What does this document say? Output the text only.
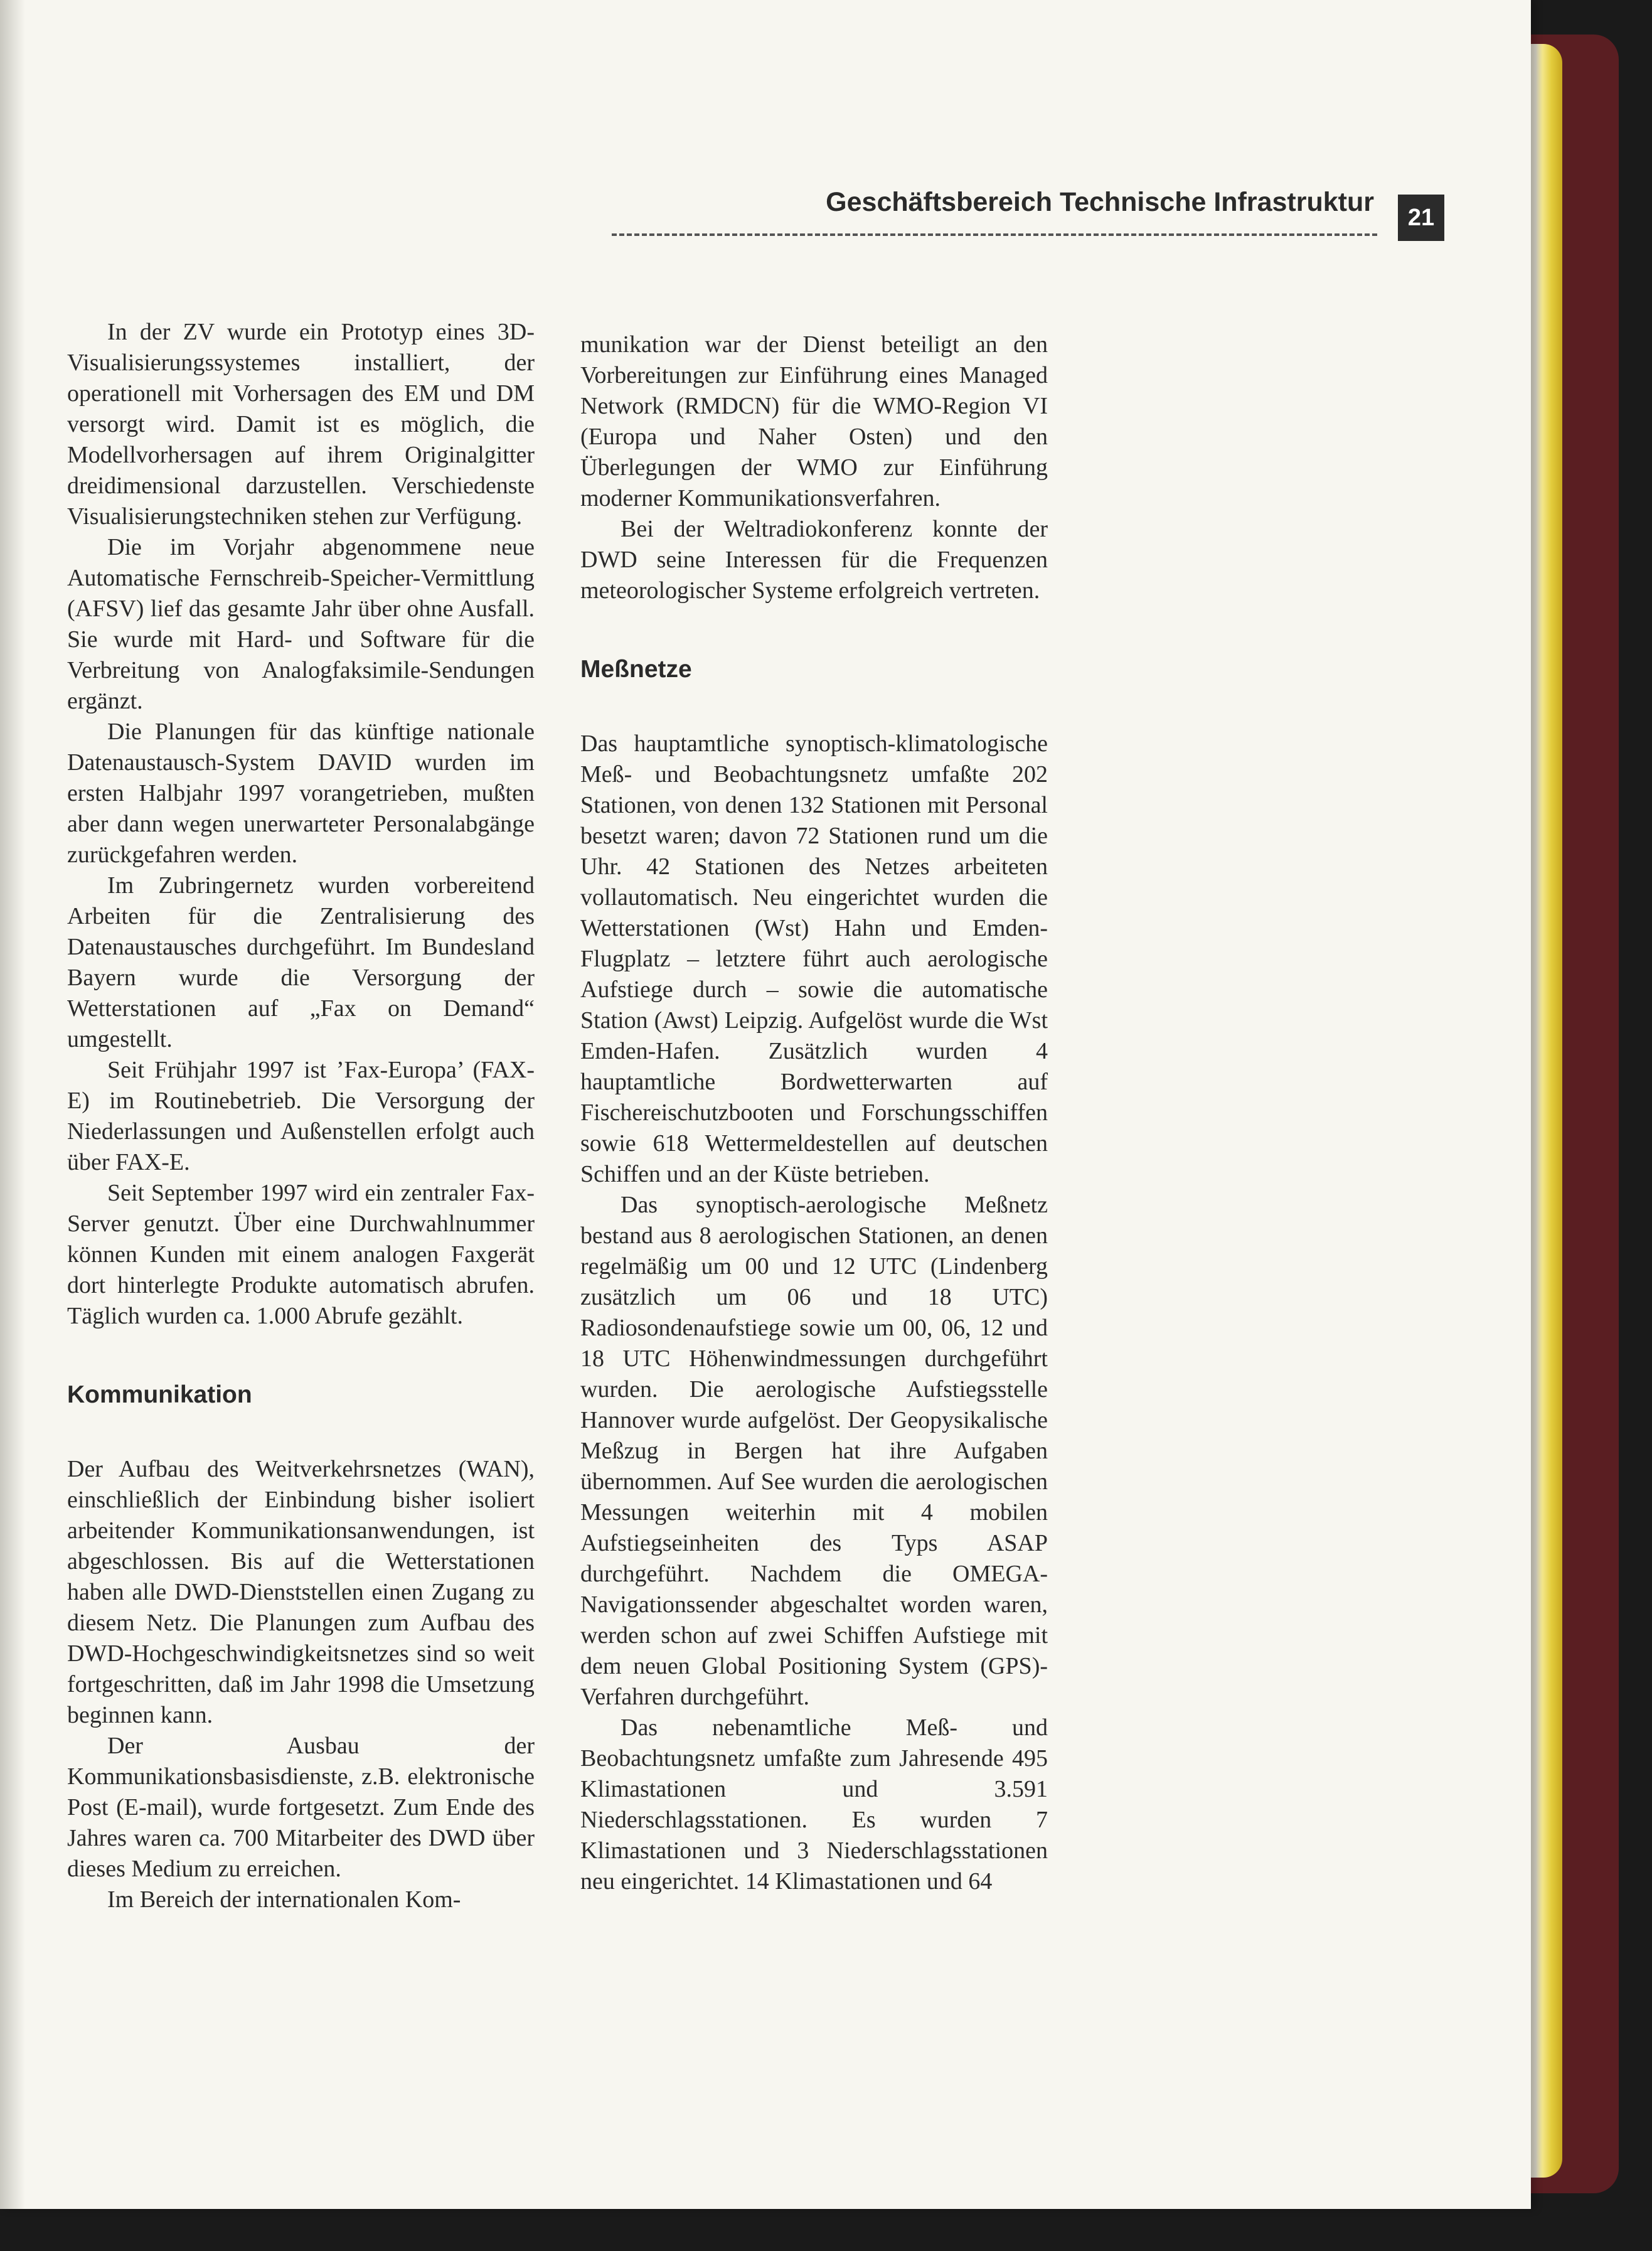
Geschäftsbereich Technische Infrastruktur
21

In der ZV wurde ein Prototyp eines 3D-Visualisierungssystemes installiert, der operationell mit Vorhersagen des EM und DM versorgt wird. Damit ist es möglich, die Modellvorhersagen auf ihrem Originalgitter dreidimensional darzustellen. Verschiedenste Visualisierungstechniken stehen zur Verfügung.

Die im Vorjahr abgenommene neue Automatische Fernschreib-Speicher-Vermittlung (AFSV) lief das gesamte Jahr über ohne Ausfall. Sie wurde mit Hard- und Software für die Verbreitung von Analogfaksimile-Sendungen ergänzt.

Die Planungen für das künftige nationale Datenaustausch-System DAVID wurden im ersten Halbjahr 1997 vorangetrieben, mußten aber dann wegen unerwarteter Personalabgänge zurückgefahren werden.

Im Zubringernetz wurden vorbereitend Arbeiten für die Zentralisierung des Datenaustausches durchgeführt. Im Bundesland Bayern wurde die Versorgung der Wetterstationen auf „Fax on Demand“ umgestellt.

Seit Frühjahr 1997 ist ’Fax-Europa’ (FAX-E) im Routinebetrieb. Die Versorgung der Niederlassungen und Außenstellen erfolgt auch über FAX-E.

Seit September 1997 wird ein zentraler Fax-Server genutzt. Über eine Durchwahlnummer können Kunden mit einem analogen Faxgerät dort hinterlegte Produkte automatisch abrufen. Täglich wurden ca. 1.000 Abrufe gezählt.

Kommunikation

Der Aufbau des Weitverkehrsnetzes (WAN), einschließlich der Einbindung bisher isoliert arbeitender Kommunikationsanwendungen, ist abgeschlossen. Bis auf die Wetterstationen haben alle DWD-Dienststellen einen Zugang zu diesem Netz. Die Planungen zum Aufbau des DWD-Hochgeschwindigkeitsnetzes sind so weit fortgeschritten, daß im Jahr 1998 die Umsetzung beginnen kann.

Der Ausbau der Kommunikationsbasisdienste, z.B. elektronische Post (E-mail), wurde fortgesetzt. Zum Ende des Jahres waren ca. 700 Mitarbeiter des DWD über dieses Medium zu erreichen.

Im Bereich der internationalen Kom-

munikation war der Dienst beteiligt an den Vorbereitungen zur Einführung eines Managed Network (RMDCN) für die WMO-Region VI (Europa und Naher Osten) und den Überlegungen der WMO zur Einführung moderner Kommunikationsverfahren.

Bei der Weltradiokonferenz konnte der DWD seine Interessen für die Frequenzen meteorologischer Systeme erfolgreich vertreten.

Meßnetze

Das hauptamtliche synoptisch-klimatologische Meß- und Beobachtungsnetz umfaßte 202 Stationen, von denen 132 Stationen mit Personal besetzt waren; davon 72 Stationen rund um die Uhr. 42 Stationen des Netzes arbeiteten vollautomatisch. Neu eingerichtet wurden die Wetterstationen (Wst) Hahn und Emden-Flugplatz – letztere führt auch aerologische Aufstiege durch – sowie die automatische Station (Awst) Leipzig. Aufgelöst wurde die Wst Emden-Hafen. Zusätzlich wurden 4 hauptamtliche Bordwetterwarten auf Fischereischutzbooten und Forschungsschiffen sowie 618 Wettermeldestellen auf deutschen Schiffen und an der Küste betrieben.

Das synoptisch-aerologische Meßnetz bestand aus 8 aerologischen Stationen, an denen regelmäßig um 00 und 12 UTC (Lindenberg zusätzlich um 06 und 18 UTC) Radiosondenaufstiege sowie um 00, 06, 12 und 18 UTC Höhenwindmessungen durchgeführt wurden. Die aerologische Aufstiegsstelle Hannover wurde aufgelöst. Der Geopysikalische Meßzug in Bergen hat ihre Aufgaben übernommen. Auf See wurden die aerologischen Messungen weiterhin mit 4 mobilen Aufstiegseinheiten des Typs ASAP durchgeführt. Nachdem die OMEGA-Navigationssender abgeschaltet worden waren, werden schon auf zwei Schiffen Aufstiege mit dem neuen Global Positioning System (GPS)-Verfahren durchgeführt.

Das nebenamtliche Meß- und Beobachtungsnetz umfaßte zum Jahresende 495 Klimastationen und 3.591 Niederschlagsstationen. Es wurden 7 Klimastationen und 3 Niederschlagsstationen neu eingerichtet. 14 Klimastationen und 64
